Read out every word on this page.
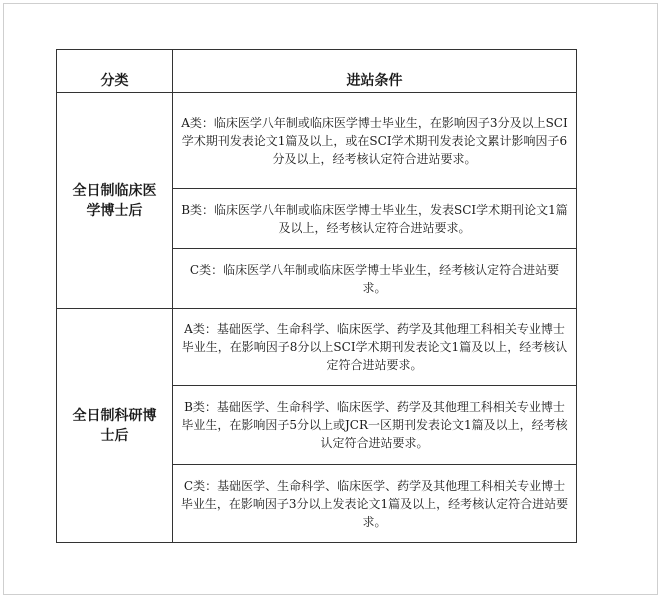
分类	进站条件

全日制临床医学博士后	A类：临床医学八年制或临床医学博士毕业生，在影响因子3分及以上SCI学术期刊发表论文1篇及以上，或在SCI学术期刊发表论文累计影响因子6分及以上，经考核认定符合进站要求。
	B类：临床医学八年制或临床医学博士毕业生，发表SCI学术期刊论文1篇及以上，经考核认定符合进站要求。
	C类：临床医学八年制或临床医学博士毕业生，经考核认定符合进站要求。

全日制科研博士后	A类：基础医学、生命科学、临床医学、药学及其他理工科相关专业博士毕业生，在影响因子8分以上SCI学术期刊发表论文1篇及以上，经考核认定符合进站要求。
	B类：基础医学、生命科学、临床医学、药学及其他理工科相关专业博士毕业生，在影响因子5分以上或JCR一区期刊发表论文1篇及以上，经考核认定符合进站要求。
	C类：基础医学、生命科学、临床医学、药学及其他理工科相关专业博士毕业生，在影响因子3分以上发表论文1篇及以上，经考核认定符合进站要求。
